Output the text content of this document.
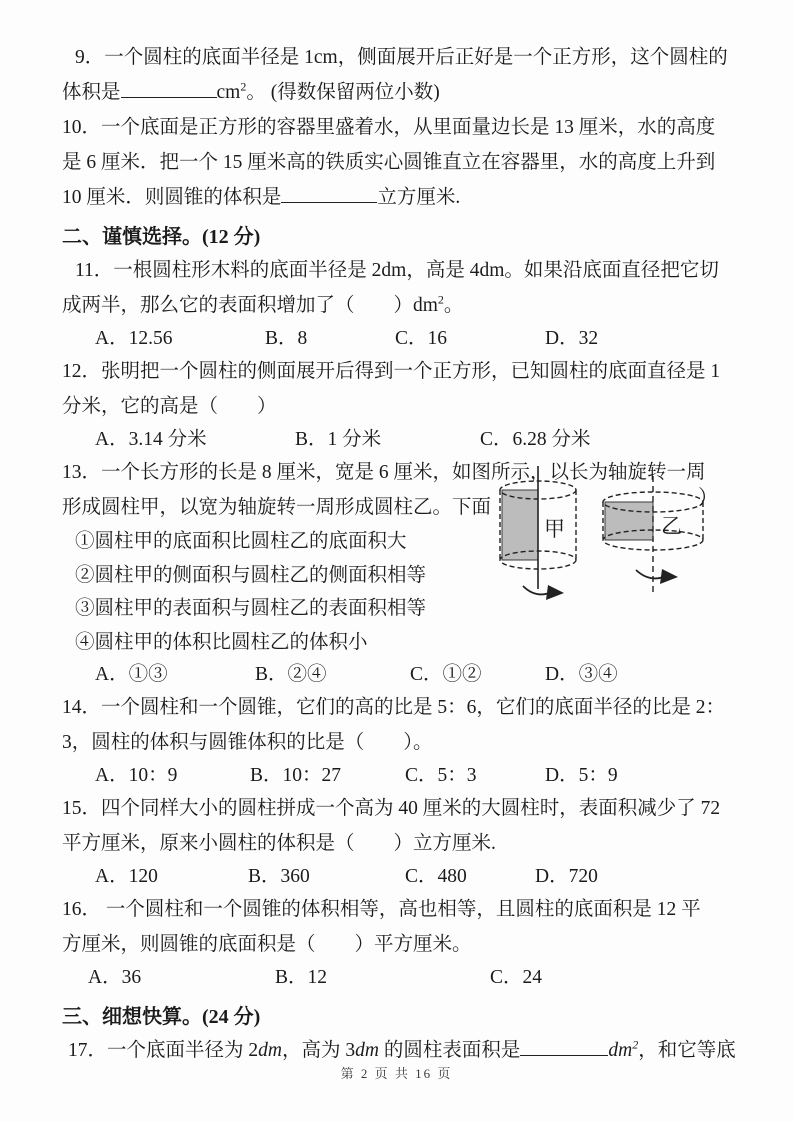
9．一个圆柱的底面半径是 1cm，侧面展开后正好是一个正方形，这个圆柱的
体积是	$cm^2$。 (得数保留两位小数)
10．一个底面是正方形的容器里盛着水，从里面量边长是 13 厘米，水的高度
是 6 厘米．把一个 15 厘米高的铁质实心圆锥直立在容器里，水的高度上升到
10 厘米．则圆锥的体积是	立方厘米.
二、谨慎选择。(12 分)
11．一根圆柱形木料的底面半径是 2dm，高是 4dm。如果沿底面直径把它切
成两半，那么它的表面积增加了（　　）$dm^2$。
A．12.56	B．8	C．16	D．32
12．张明把一个圆柱的侧面展开后得到一个正方形，已知圆柱的底面直径是 1
分米，它的高是（　　）
A．3.14 分米	B．1 分米	C．6.28 分米
13．一个长方形的长是 8 厘米，宽是 6 厘米，如图所示，以长为轴旋转一周
形成圆柱甲，以宽为轴旋转一周形成圆柱乙。下面
①圆柱甲的底面积比圆柱乙的底面积大
②圆柱甲的侧面积与圆柱乙的侧面积相等
③圆柱甲的表面积与圆柱乙的表面积相等
④圆柱甲的体积比圆柱乙的体积小
A．①③	B．②④	C．①②	D．③④
甲	乙
）
14．一个圆柱和一个圆锥，它们的高的比是 5：6，它们的底面半径的比是 2：
3，圆柱的体积与圆锥体积的比是（　　）。
A．10：9	B．10：27	C．5：3	D．5：9
15．四个同样大小的圆柱拼成一个高为 40 厘米的大圆柱时，表面积减少了 72
平方厘米，原来小圆柱的体积是（　　）立方厘米.
A．120	B．360	C．480	D．720
16． 一个圆柱和一个圆锥的体积相等，高也相等，且圆柱的底面积是 12 平
方厘米，则圆锥的底面积是（　　）平方厘米。
A．36	B．12	C．24
三、细想快算。(24 分)
17．一个底面半径为 2dm，高为 3dm 的圆柱表面积是	$dm^2$，和它等底
第 2 页 共 16 页
